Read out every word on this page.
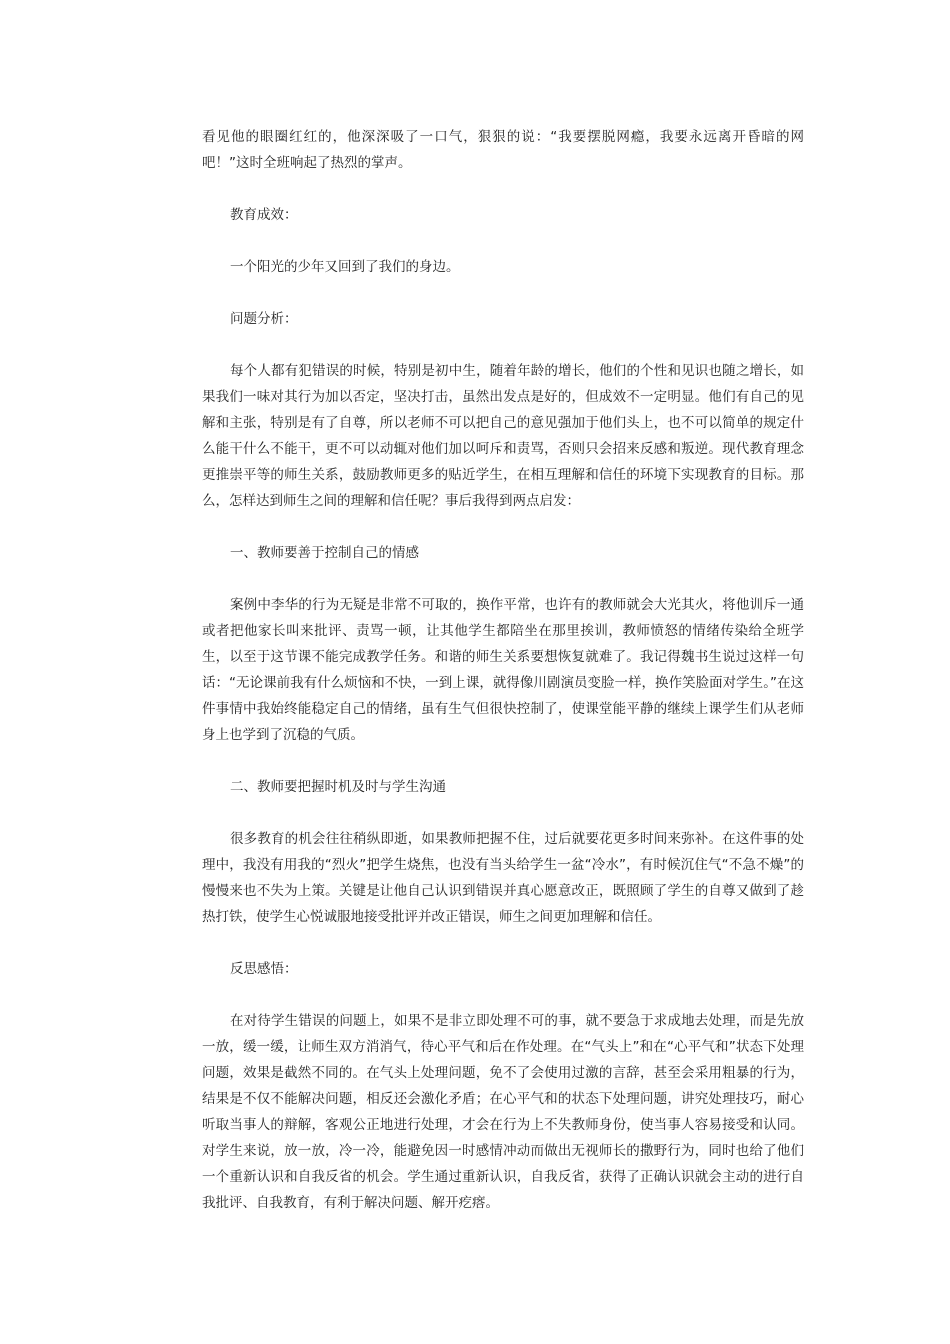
看见他的眼圈红红的，他深深吸了一口气，狠狠的说：“我要摆脱网瘾，我要永远离开昏暗的网吧！”这时全班响起了热烈的掌声。

教育成效：

一个阳光的少年又回到了我们的身边。

问题分析：

每个人都有犯错误的时候，特别是初中生，随着年龄的增长，他们的个性和见识也随之增长，如果我们一味对其行为加以否定，坚决打击，虽然出发点是好的，但成效不一定明显。他们有自己的见解和主张，特别是有了自尊，所以老师不可以把自己的意见强加于他们头上，也不可以简单的规定什么能干什么不能干，更不可以动辄对他们加以呵斥和责骂，否则只会招来反感和叛逆。现代教育理念更推崇平等的师生关系，鼓励教师更多的贴近学生，在相互理解和信任的环境下实现教育的目标。那么，怎样达到师生之间的理解和信任呢？事后我得到两点启发：

一、教师要善于控制自己的情感

案例中李华的行为无疑是非常不可取的，换作平常，也许有的教师就会大光其火，将他训斥一通或者把他家长叫来批评、责骂一顿，让其他学生都陪坐在那里挨训，教师愤怒的情绪传染给全班学生，以至于这节课不能完成教学任务。和谐的师生关系要想恢复就难了。我记得魏书生说过这样一句话：“无论课前我有什么烦恼和不快，一到上课，就得像川剧演员变脸一样，换作笑脸面对学生。”在这件事情中我始终能稳定自己的情绪，虽有生气但很快控制了，使课堂能平静的继续上课学生们从老师身上也学到了沉稳的气质。

二、教师要把握时机及时与学生沟通

很多教育的机会往往稍纵即逝，如果教师把握不住，过后就要花更多时间来弥补。在这件事的处理中，我没有用我的“烈火”把学生烧焦，也没有当头给学生一盆“冷水”，有时候沉住气“不急不燥”的慢慢来也不失为上策。关键是让他自己认识到错误并真心愿意改正，既照顾了学生的自尊又做到了趁热打铁，使学生心悦诚服地接受批评并改正错误，师生之间更加理解和信任。

反思感悟：

在对待学生错误的问题上，如果不是非立即处理不可的事，就不要急于求成地去处理，而是先放一放，缓一缓，让师生双方消消气，待心平气和后在作处理。在“气头上”和在“心平气和”状态下处理问题，效果是截然不同的。在气头上处理问题，免不了会使用过激的言辞，甚至会采用粗暴的行为，结果是不仅不能解决问题，相反还会激化矛盾；在心平气和的状态下处理问题，讲究处理技巧，耐心听取当事人的辩解，客观公正地进行处理，才会在行为上不失教师身份，使当事人容易接受和认同。对学生来说，放一放，冷一冷，能避免因一时感情冲动而做出无视师长的撒野行为，同时也给了他们一个重新认识和自我反省的机会。学生通过重新认识，自我反省，获得了正确认识就会主动的进行自我批评、自我教育，有利于解决问题、解开疙瘩。
